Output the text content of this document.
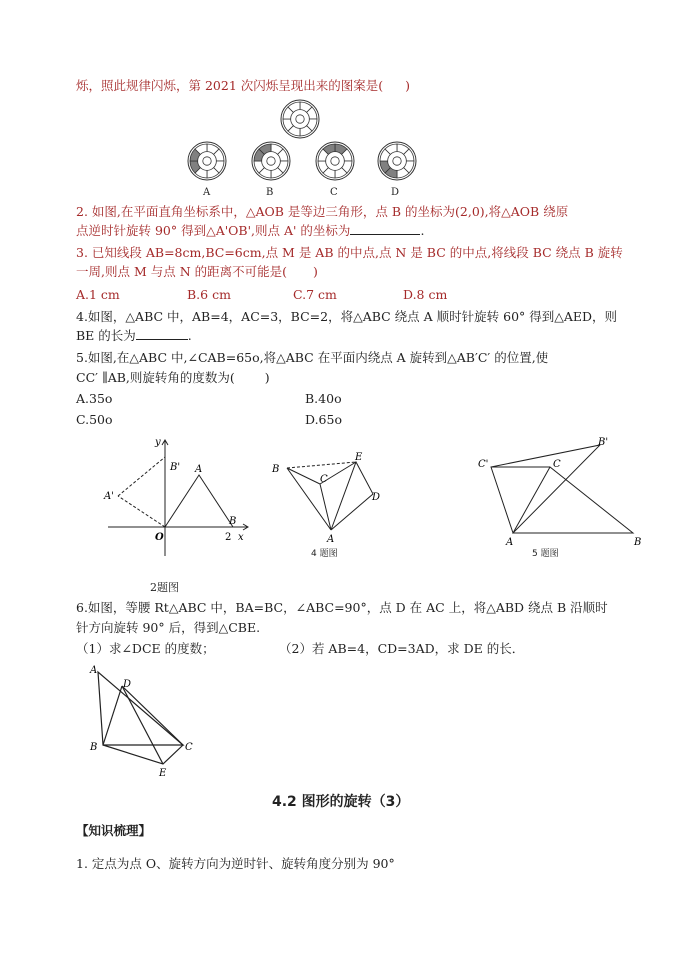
烁，照此规律闪烁，第 2021 次闪烁呈现出来的图案是( )
A	B	C	D
2. 如图,在平面直角坐标系中，△AOB 是等边三角形，点 B 的坐标为(2,0),将△AOB 绕原
点逆时针旋转 90° 得到△A'OB',则点 A' 的坐标为	.
3. 已知线段 AB=8cm,BC=6cm,点 M 是 AB 的中点,点 N 是 BC 的中点,将线段 BC 绕点 B 旋转
一周,则点 M 与点 N 的距离不可能是( )
A.1 cm	B.6 cm	C.7 cm	D.8 cm
4.如图，△ABC 中，AB=4，AC=3，BC=2，将△ABC 绕点 A 顺时针旋转 60° 得到△AED，则
BE 的长为	.
5.如图,在△ABC 中,∠CAB=65o,将△ABC 在平面内绕点 A 旋转到△AB′C′ 的位置,使
CC′ ∥AB,则旋转角的度数为( )
A.35o	B.40o
C.50o	D.65o
y
x
O	2
A
B
B'
A'
2题图
B
E
C
D
A
4 题图
C'	C
B'
A	B
5 题图
6.如图，等腰 Rt△ABC 中，BA=BC，∠ABC=90°，点 D 在 AC 上，将△ABD 绕点 B 沿顺时
针方向旋转 90° 后，得到△CBE.
（1）求∠DCE 的度数；	（2）若 AB=4，CD=3AD，求 DE 的长．
A
D
B	C
E
4.2 图形的旋转（3）
【知识梳理】
1. 定点为点 O、旋转方向为逆时针、旋转角度分别为 90°
